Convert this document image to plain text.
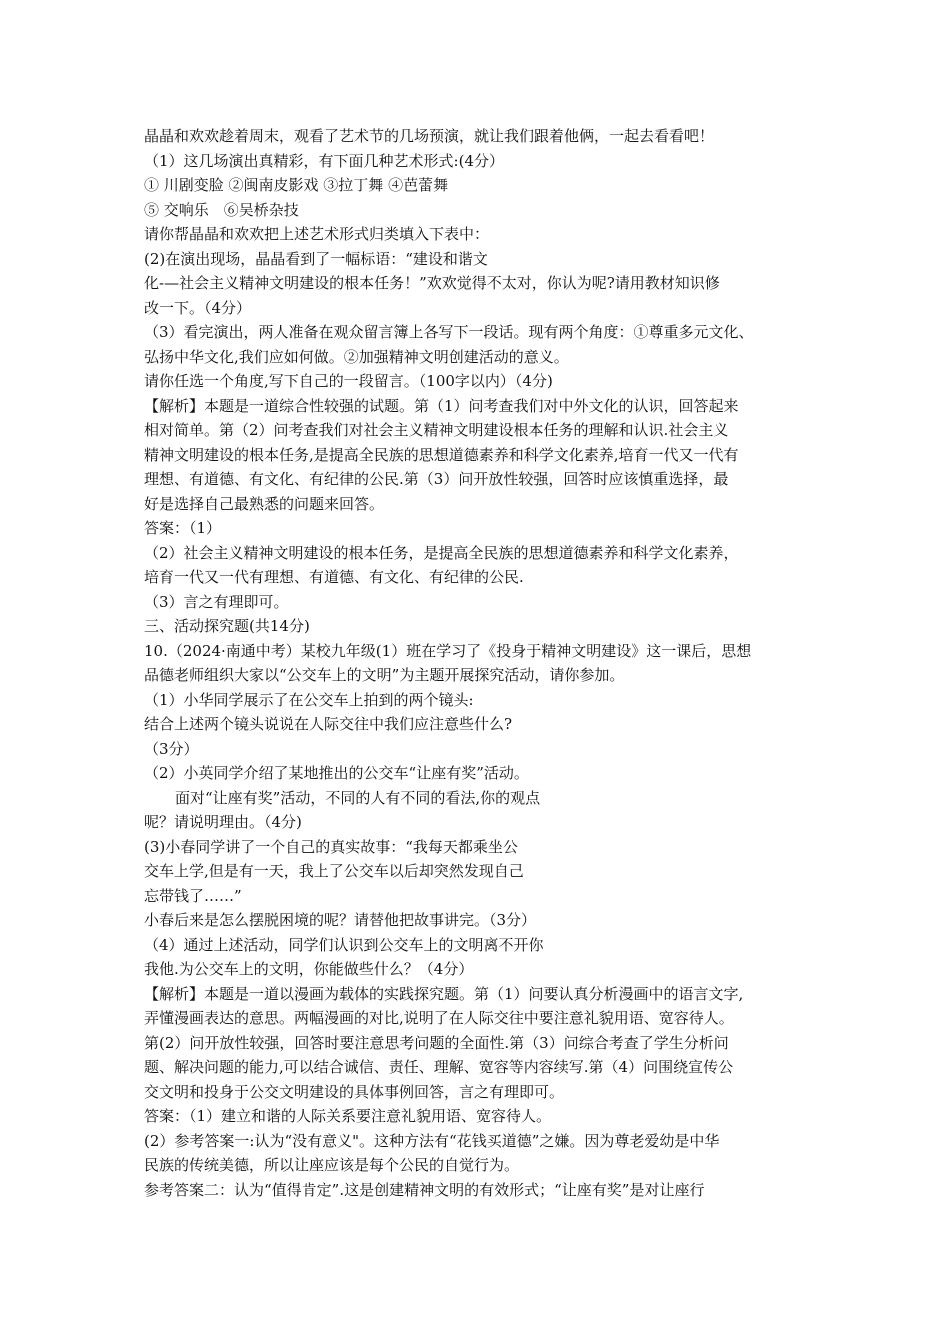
晶晶和欢欢趁着周末，观看了艺术节的几场预演，就让我们跟着他俩，一起去看看吧！
（1）这几场演出真精彩，有下面几种艺术形式:(4分）
① 川剧变脸 ②闽南皮影戏 ③拉丁舞 ④芭蕾舞
⑤ 交响乐　⑥吴桥杂技
请你帮晶晶和欢欢把上述艺术形式归类填入下表中：
(2)在演出现场，晶晶看到了一幅标语：“建设和谐文
化-—社会主义精神文明建设的根本任务！”欢欢觉得不太对，你认为呢?请用教材知识修
改一下。（4分）
（3）看完演出，两人准备在观众留言簿上各写下一段话。现有两个角度：①尊重多元文化、
弘扬中华文化,我们应如何做。②加强精神文明创建活动的意义。
请你任选一个角度,写下自己的一段留言。（100字以内）（4分)
【解析】本题是一道综合性较强的试题。第（1）问考查我们对中外文化的认识，回答起来
相对简单。第（2）问考查我们对社会主义精神文明建设根本任务的理解和认识.社会主义
精神文明建设的根本任务,是提高全民族的思想道德素养和科学文化素养,培育一代又一代有
理想、有道德、有文化、有纪律的公民.第（3）问开放性较强，回答时应该慎重选择，最
好是选择自己最熟悉的问题来回答。
答案：（1）
（2）社会主义精神文明建设的根本任务，是提高全民族的思想道德素养和科学文化素养，
培育一代又一代有理想、有道德、有文化、有纪律的公民.
（3）言之有理即可。
三、活动探究题(共14分)
10.（2024·南通中考）某校九年级(1）班在学习了《投身于精神文明建设》这一课后，思想
品德老师组织大家以“公交车上的文明”为主题开展探究活动，请你参加。
（1）小华同学展示了在公交车上拍到的两个镜头:
结合上述两个镜头说说在人际交往中我们应注意些什么?
（3分）
（2）小英同学介绍了某地推出的公交车“让座有奖”活动。
面对“让座有奖”活动，不同的人有不同的看法,你的观点
呢？请说明理由。（4分)
(3)小春同学讲了一个自己的真实故事：“我每天都乘坐公
交车上学,但是有一天，我上了公交车以后却突然发现自己
忘带钱了……”
小春后来是怎么摆脱困境的呢？请替他把故事讲完。（3分）
（4）通过上述活动，同学们认识到公交车上的文明离不开你
我他.为公交车上的文明，你能做些什么？（4分）
【解析】本题是一道以漫画为载体的实践探究题。第（1）问要认真分析漫画中的语言文字,
弄懂漫画表达的意思。两幅漫画的对比,说明了在人际交往中要注意礼貌用语、宽容待人。
第(2）问开放性较强，回答时要注意思考问题的全面性.第（3）问综合考查了学生分析问
题、解决问题的能力,可以结合诚信、责任、理解、宽容等内容续写.第（4）问围绕宣传公
交文明和投身于公交文明建设的具体事例回答，言之有理即可。
答案：（1）建立和谐的人际关系要注意礼貌用语、宽容待人。
(2）参考答案一:认为“没有意义"。这种方法有“花钱买道德”之嫌。因为尊老爱幼是中华
民族的传统美德，所以让座应该是每个公民的自觉行为。
参考答案二：认为“值得肯定”.这是创建精神文明的有效形式；“让座有奖”是对让座行
